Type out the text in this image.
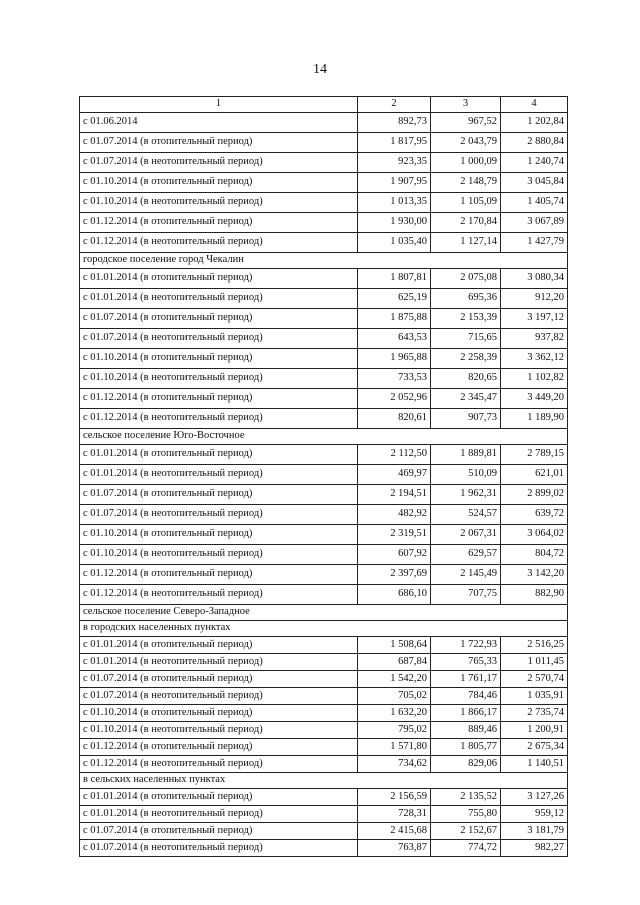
14
1	2	3	4
с 01.06.2014	892,73	967,52	1 202,84
с 01.07.2014 (в отопительный период)	1 817,95	2 043,79	2 880,84
с 01.07.2014 (в неотопительный период)	923,35	1 000,09	1 240,74
с 01.10.2014 (в отопительный период)	1 907,95	2 148,79	3 045,84
с 01.10.2014 (в неотопительный период)	1 013,35	1 105,09	1 405,74
с 01.12.2014 (в отопительный период)	1 930,00	2 170,84	3 067,89
с 01.12.2014 (в неотопительный период)	1 035,40	1 127,14	1 427,79
городское поселение город Чекалин			
с 01.01.2014 (в отопительный период)	1 807,81	2 075,08	3 080,34
с 01.01.2014 (в неотопительный период)	625,19	695,36	912,20
с 01.07.2014 (в отопительный период)	1 875,88	2 153,39	3 197,12
с 01.07.2014 (в неотопительный период)	643,53	715,65	937,82
с 01.10.2014 (в отопительный период)	1 965,88	2 258,39	3 362,12
с 01.10.2014 (в неотопительный период)	733,53	820,65	1 102,82
с 01.12.2014 (в отопительный период)	2 052,96	2 345,47	3 449,20
с 01.12.2014 (в неотопительный период)	820,61	907,73	1 189,90
сельское поселение Юго-Восточное			
с 01.01.2014 (в отопительный период)	2 112,50	1 889,81	2 789,15
с 01.01.2014 (в неотопительный период)	469,97	510,09	621,01
с 01.07.2014 (в отопительный период)	2 194,51	1 962,31	2 899,02
с 01.07.2014 (в неотопительный период)	482,92	524,57	639,72
с 01.10.2014 (в отопительный период)	2 319,51	2 067,31	3 064,02
с 01.10.2014 (в неотопительный период)	607,92	629,57	804,72
с 01.12.2014 (в отопительный период)	2 397,69	2 145,49	3 142,20
с 01.12.2014 (в неотопительный период)	686,10	707,75	882,90
сельское поселение Северо-Западное			
в городских населенных пунктах			
с 01.01.2014 (в отопительный период)	1 508,64	1 722,93	2 516,25
с 01.01.2014 (в неотопительный период)	687,84	765,33	1 011,45
с 01.07.2014 (в отопительный период)	1 542,20	1 761,17	2 570,74
с 01.07.2014 (в неотопительный период)	705,02	784,46	1 035,91
с 01.10.2014 (в отопительный период)	1 632,20	1 866,17	2 735,74
с 01.10.2014 (в неотопительный период)	795,02	889,46	1 200,91
с 01.12.2014 (в отопительный период)	1 571,80	1 805,77	2 675,34
с 01.12.2014 (в неотопительный период)	734,62	829,06	1 140,51
в сельских населенных пунктах			
с 01.01.2014 (в отопительный период)	2 156,59	2 135,52	3 127,26
с 01.01.2014 (в неотопительный период)	728,31	755,80	959,12
с 01.07.2014 (в отопительный период)	2 415,68	2 152,67	3 181,79
с 01.07.2014 (в неотопительный период)	763,87	774,72	982,27
